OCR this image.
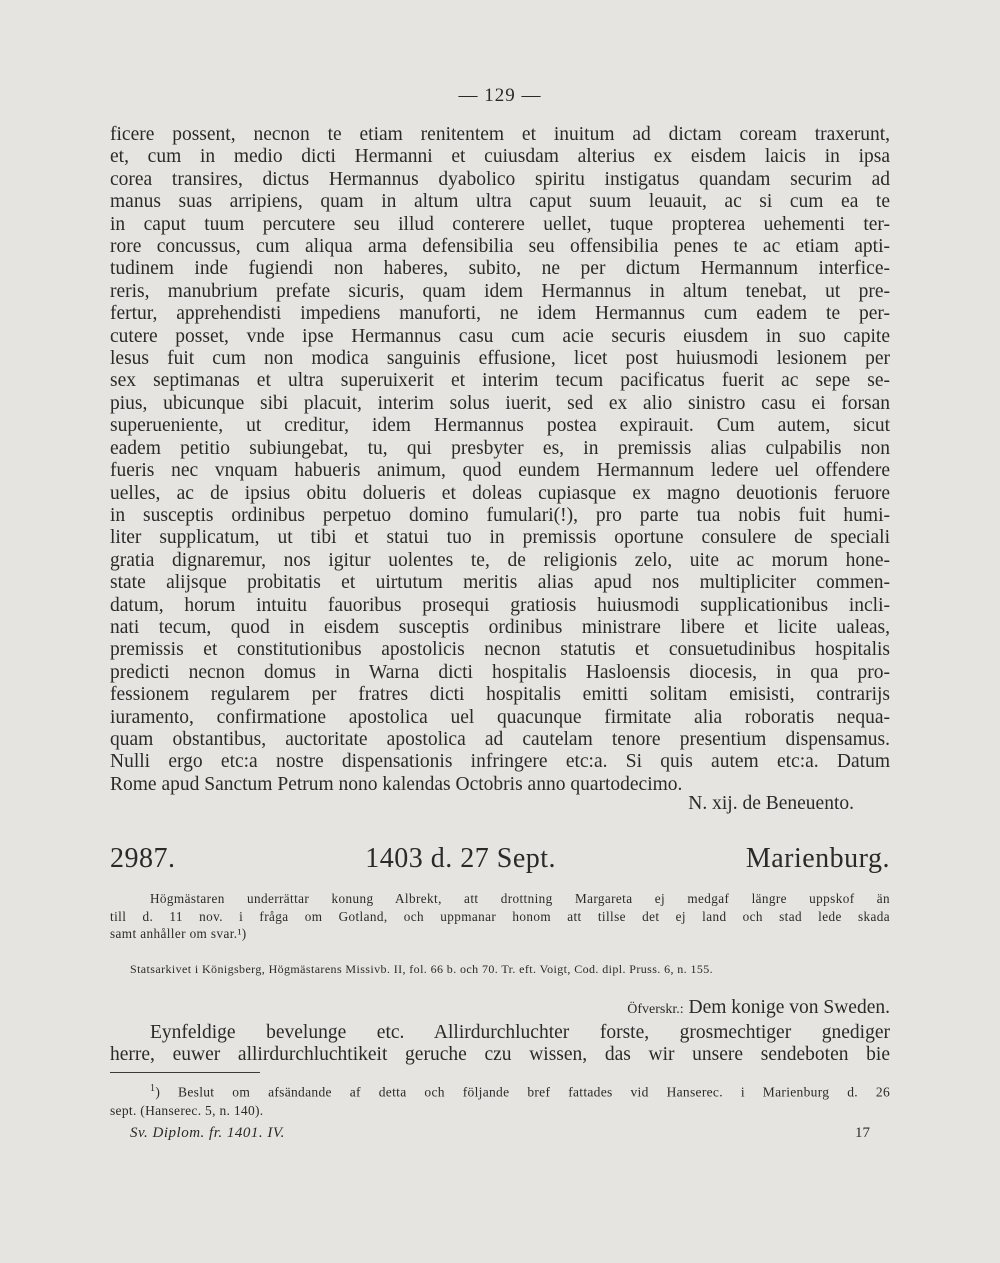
— 129 —
ficere possent, necnon te etiam renitentem et inuitum ad dictam coream traxerunt,
et, cum in medio dicti Hermanni et cuiusdam alterius ex eisdem laicis in ipsa
corea transires, dictus Hermannus dyabolico spiritu instigatus quandam securim ad
manus suas arripiens, quam in altum ultra caput suum leuauit, ac si cum ea te
in caput tuum percutere seu illud conterere uellet, tuque propterea uehementi ter-
rore concussus, cum aliqua arma defensibilia seu offensibilia penes te ac etiam apti-
tudinem inde fugiendi non haberes, subito, ne per dictum Hermannum interfice-
reris, manubrium prefate sicuris, quam idem Hermannus in altum tenebat, ut pre-
fertur, apprehendisti impediens manuforti, ne idem Hermannus cum eadem te per-
cutere posset, vnde ipse Hermannus casu cum acie securis eiusdem in suo capite
lesus fuit cum non modica sanguinis effusione, licet post huiusmodi lesionem per
sex septimanas et ultra superuixerit et interim tecum pacificatus fuerit ac sepe se-
pius, ubicunque sibi placuit, interim solus iuerit, sed ex alio sinistro casu ei forsan
superueniente, ut creditur, idem Hermannus postea expirauit. Cum autem, sicut
eadem petitio subiungebat, tu, qui presbyter es, in premissis alias culpabilis non
fueris nec vnquam habueris animum, quod eundem Hermannum ledere uel offendere
uelles, ac de ipsius obitu dolueris et doleas cupiasque ex magno deuotionis feruore
in susceptis ordinibus perpetuo domino fumulari(!), pro parte tua nobis fuit humi-
liter supplicatum, ut tibi et statui tuo in premissis oportune consulere de speciali
gratia dignaremur, nos igitur uolentes te, de religionis zelo, uite ac morum hone-
state alijsque probitatis et uirtutum meritis alias apud nos multipliciter commen-
datum, horum intuitu fauoribus prosequi gratiosis huiusmodi supplicationibus incli-
nati tecum, quod in eisdem susceptis ordinibus ministrare libere et licite ualeas,
premissis et constitutionibus apostolicis necnon statutis et consuetudinibus hospitalis
predicti necnon domus in Warna dicti hospitalis Hasloensis diocesis, in qua pro-
fessionem regularem per fratres dicti hospitalis emitti solitam emisisti, contrarijs
iuramento, confirmatione apostolica uel quacunque firmitate alia roboratis nequa-
quam obstantibus, auctoritate apostolica ad cautelam tenore presentium dispensamus.
Nulli ergo etc:a nostre dispensationis infringere etc:a. Si quis autem etc:a. Datum
Rome apud Sanctum Petrum nono kalendas Octobris anno quartodecimo.
N. xij. de Beneuento.
2987.	1403 d. 27 Sept.	Marienburg.
Högmästaren underrättar konung Albrekt, att drottning Margareta ej medgaf längre uppskof än
till d. 11 nov. i fråga om Gotland, och uppmanar honom att tillse det ej land och stad lede skada
samt anhåller om svar.¹)
Statsarkivet i Königsberg, Högmästarens Missivb. II, fol. 66 b. och 70. Tr. eft. Voigt, Cod. dipl. Pruss. 6, n. 155.
Öfverskr.: Dem konige von Sweden.
Eynfeldige bevelunge etc. Allirdurchluchter forste, grosmechtiger gnediger
herre, euwer allirdurchluchtikeit geruche czu wissen, das wir unsere sendeboten bie
$^1$) Beslut om afsändande af detta och följande bref fattades vid Hanserec. i Marienburg d. 26
sept. (Hanserec. 5, n. 140).
Sv. Diplom. fr. 1401. IV.	17
